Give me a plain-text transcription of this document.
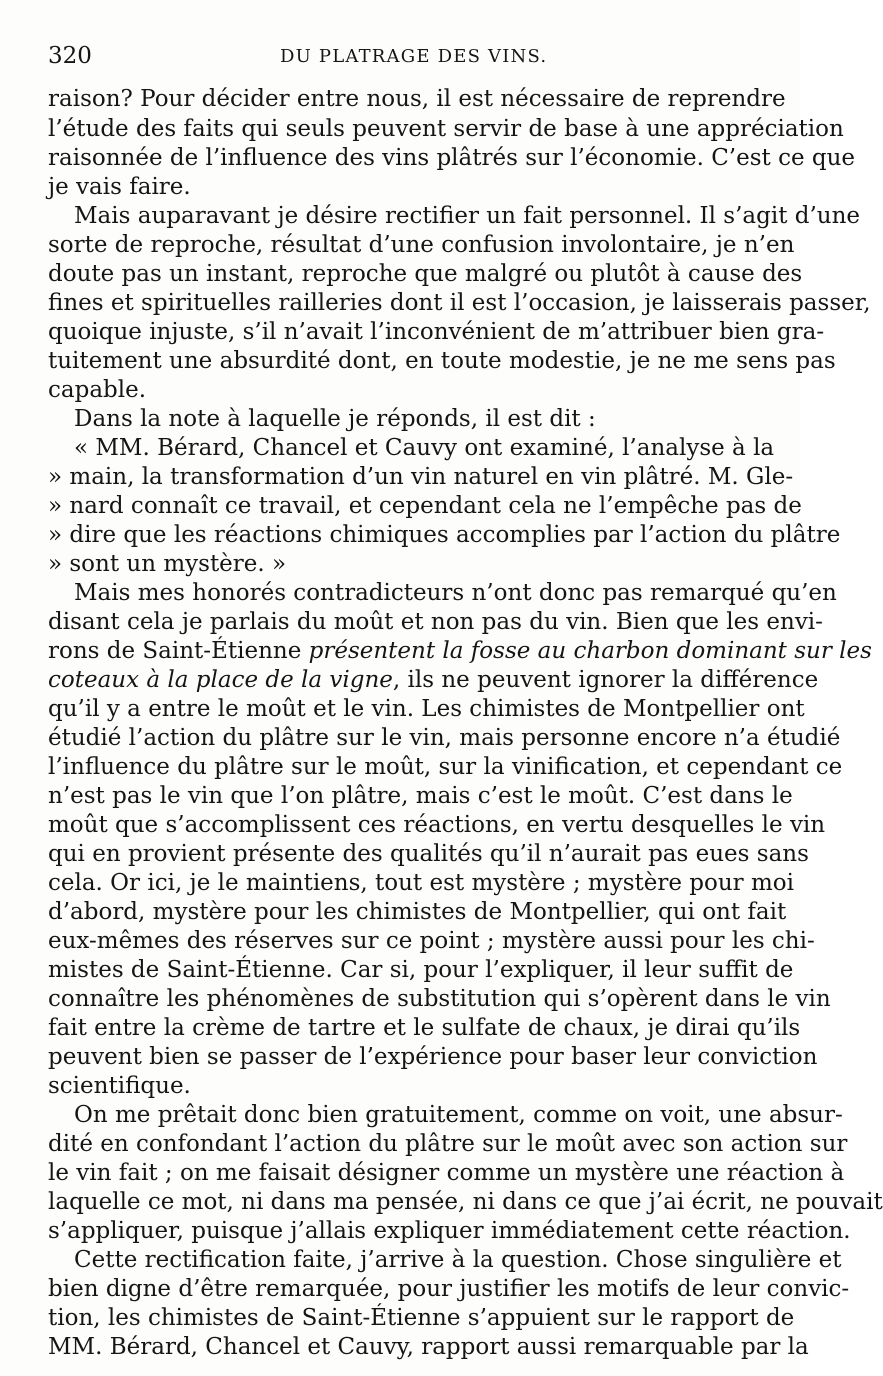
320	DU PLATRAGE DES VINS.
raison? Pour décider entre nous, il est nécessaire de reprendre
l’étude des faits qui seuls peuvent servir de base à une appréciation
raisonnée de l’influence des vins plâtrés sur l’économie. C’est ce que
je vais faire.
Mais auparavant je désire rectifier un fait personnel. Il s’agit d’une
sorte de reproche, résultat d’une confusion involontaire, je n’en
doute pas un instant, reproche que malgré ou plutôt à cause des
fines et spirituelles railleries dont il est l’occasion, je laisserais passer,
quoique injuste, s’il n’avait l’inconvénient de m’attribuer bien gra-
tuitement une absurdité dont, en toute modestie, je ne me sens pas
capable.
Dans la note à laquelle je réponds, il est dit :
« MM. Bérard, Chancel et Cauvy ont examiné, l’analyse à la
» main, la transformation d’un vin naturel en vin plâtré. M. Gle-
» nard connaît ce travail, et cependant cela ne l’empêche pas de
» dire que les réactions chimiques accomplies par l’action du plâtre
» sont un mystère. »
Mais mes honorés contradicteurs n’ont donc pas remarqué qu’en
disant cela je parlais du moût et non pas du vin. Bien que les envi-
rons de Saint-Étienne présentent la fosse au charbon dominant sur les
coteaux à la place de la vigne, ils ne peuvent ignorer la différence
qu’il y a entre le moût et le vin. Les chimistes de Montpellier ont
étudié l’action du plâtre sur le vin, mais personne encore n’a étudié
l’influence du plâtre sur le moût, sur la vinification, et cependant ce
n’est pas le vin que l’on plâtre, mais c’est le moût. C’est dans le
moût que s’accomplissent ces réactions, en vertu desquelles le vin
qui en provient présente des qualités qu’il n’aurait pas eues sans
cela. Or ici, je le maintiens, tout est mystère ; mystère pour moi
d’abord, mystère pour les chimistes de Montpellier, qui ont fait
eux-mêmes des réserves sur ce point ; mystère aussi pour les chi-
mistes de Saint-Étienne. Car si, pour l’expliquer, il leur suffit de
connaître les phénomènes de substitution qui s’opèrent dans le vin
fait entre la crème de tartre et le sulfate de chaux, je dirai qu’ils
peuvent bien se passer de l’expérience pour baser leur conviction
scientifique.
On me prêtait donc bien gratuitement, comme on voit, une absur-
dité en confondant l’action du plâtre sur le moût avec son action sur
le vin fait ; on me faisait désigner comme un mystère une réaction à
laquelle ce mot, ni dans ma pensée, ni dans ce que j’ai écrit, ne pouvait
s’appliquer, puisque j’allais expliquer immédiatement cette réaction.
Cette rectification faite, j’arrive à la question. Chose singulière et
bien digne d’être remarquée, pour justifier les motifs de leur convic-
tion, les chimistes de Saint-Étienne s’appuient sur le rapport de
MM. Bérard, Chancel et Cauvy, rapport aussi remarquable par la
